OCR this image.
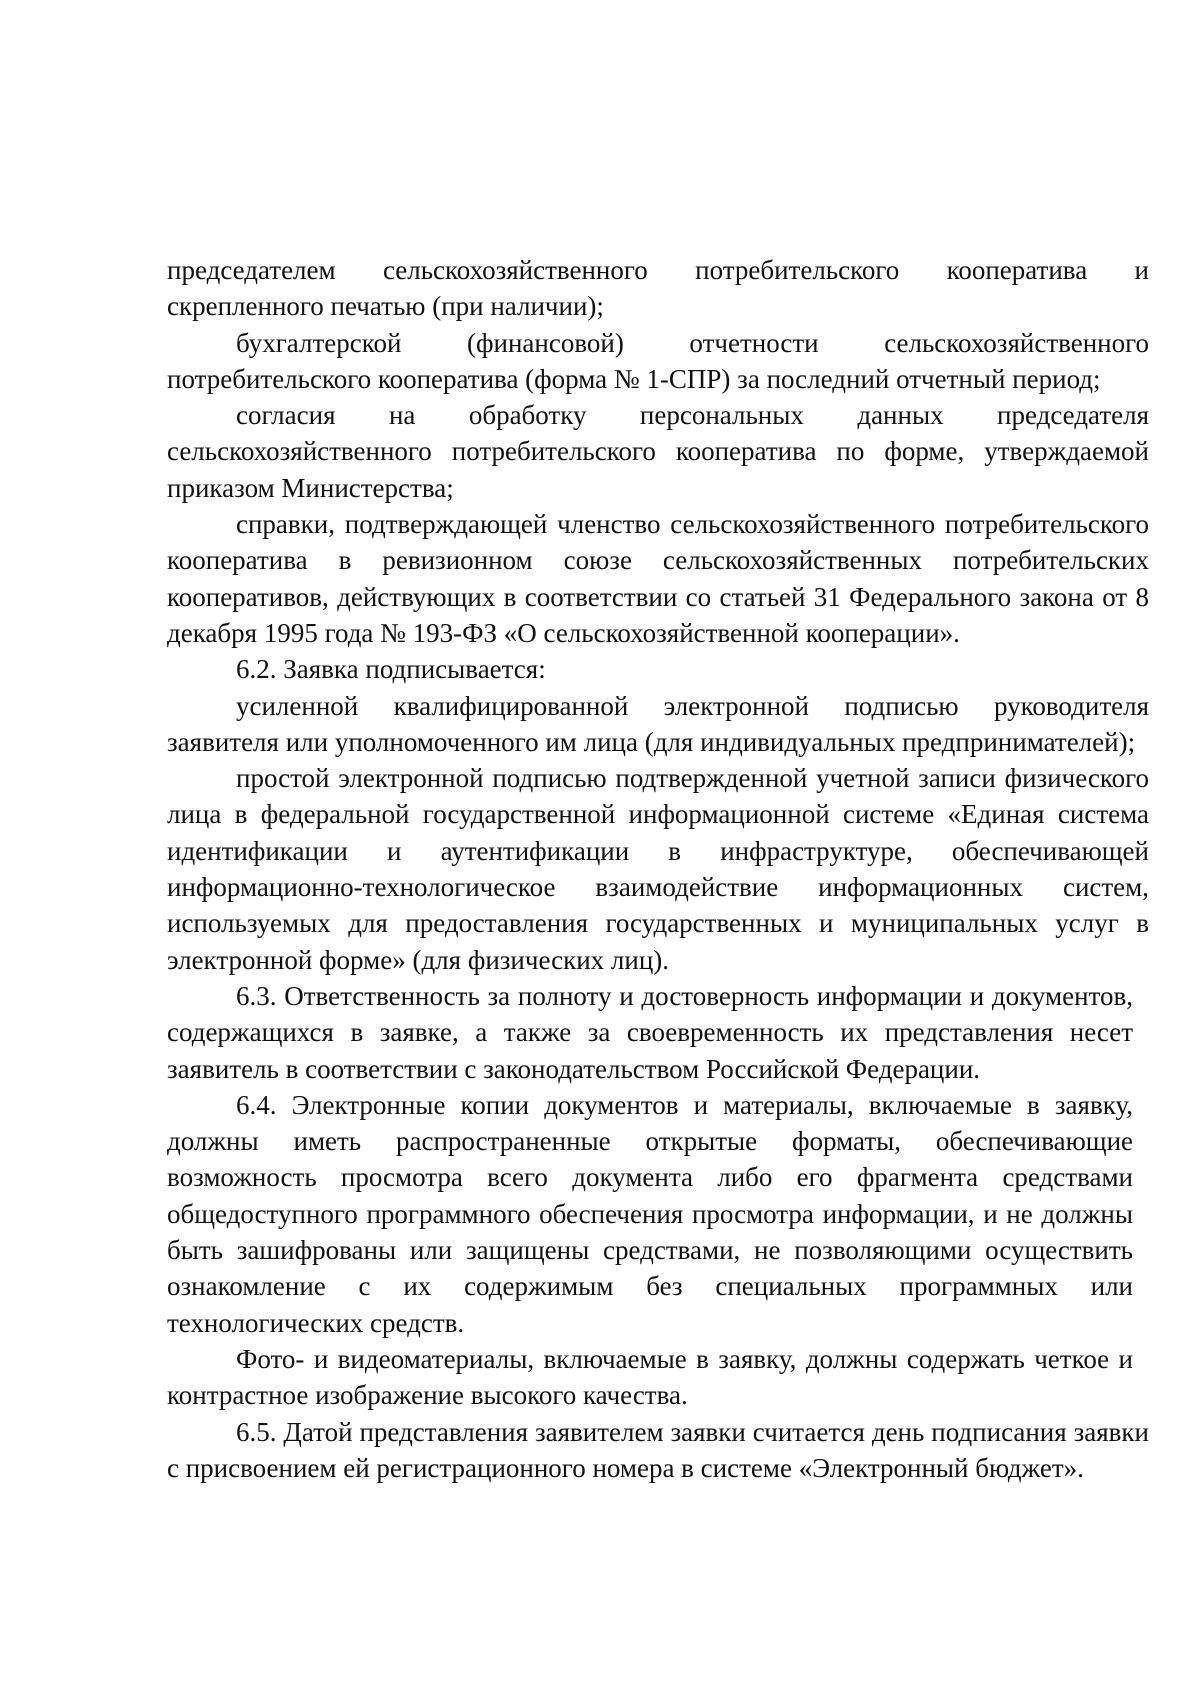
председателем сельскохозяйственного потребительского кооператива и скрепленного печатью (при наличии);

бухгалтерской (финансовой) отчетности сельскохозяйственного потребительского кооператива (форма № 1-СПР) за последний отчетный период;

согласия на обработку персональных данных председателя сельскохозяйственного потребительского кооператива по форме, утверждаемой приказом Министерства;

справки, подтверждающей членство сельскохозяйственного потребительского кооператива в ревизионном союзе сельскохозяйственных потребительских кооперативов, действующих в соответствии со статьей 31 Федерального закона от 8 декабря 1995 года № 193-ФЗ «О сельскохозяйственной кооперации».

6.2. Заявка подписывается:

усиленной квалифицированной электронной подписью руководителя заявителя или уполномоченного им лица (для индивидуальных предпринимателей);

простой электронной подписью подтвержденной учетной записи физического лица в федеральной государственной информационной системе «Единая система идентификации и аутентификации в инфраструктуре, обеспечивающей информационно-технологическое взаимодействие информационных систем, используемых для предоставления государственных и муниципальных услуг в электронной форме» (для физических лиц).

6.3. Ответственность за полноту и достоверность информации и документов, содержащихся в заявке, а также за своевременность их представления несет заявитель в соответствии с законодательством Российской Федерации.

6.4. Электронные копии документов и материалы, включаемые в заявку, должны иметь распространенные открытые форматы, обеспечивающие возможность просмотра всего документа либо его фрагмента средствами общедоступного программного обеспечения просмотра информации, и не должны быть зашифрованы или защищены средствами, не позволяющими осуществить ознакомление с их содержимым без специальных программных или технологических средств.

Фото- и видеоматериалы, включаемые в заявку, должны содержать четкое и контрастное изображение высокого качества.

6.5. Датой представления заявителем заявки считается день подписания заявки с присвоением ей регистрационного номера в системе «Электронный бюджет».
